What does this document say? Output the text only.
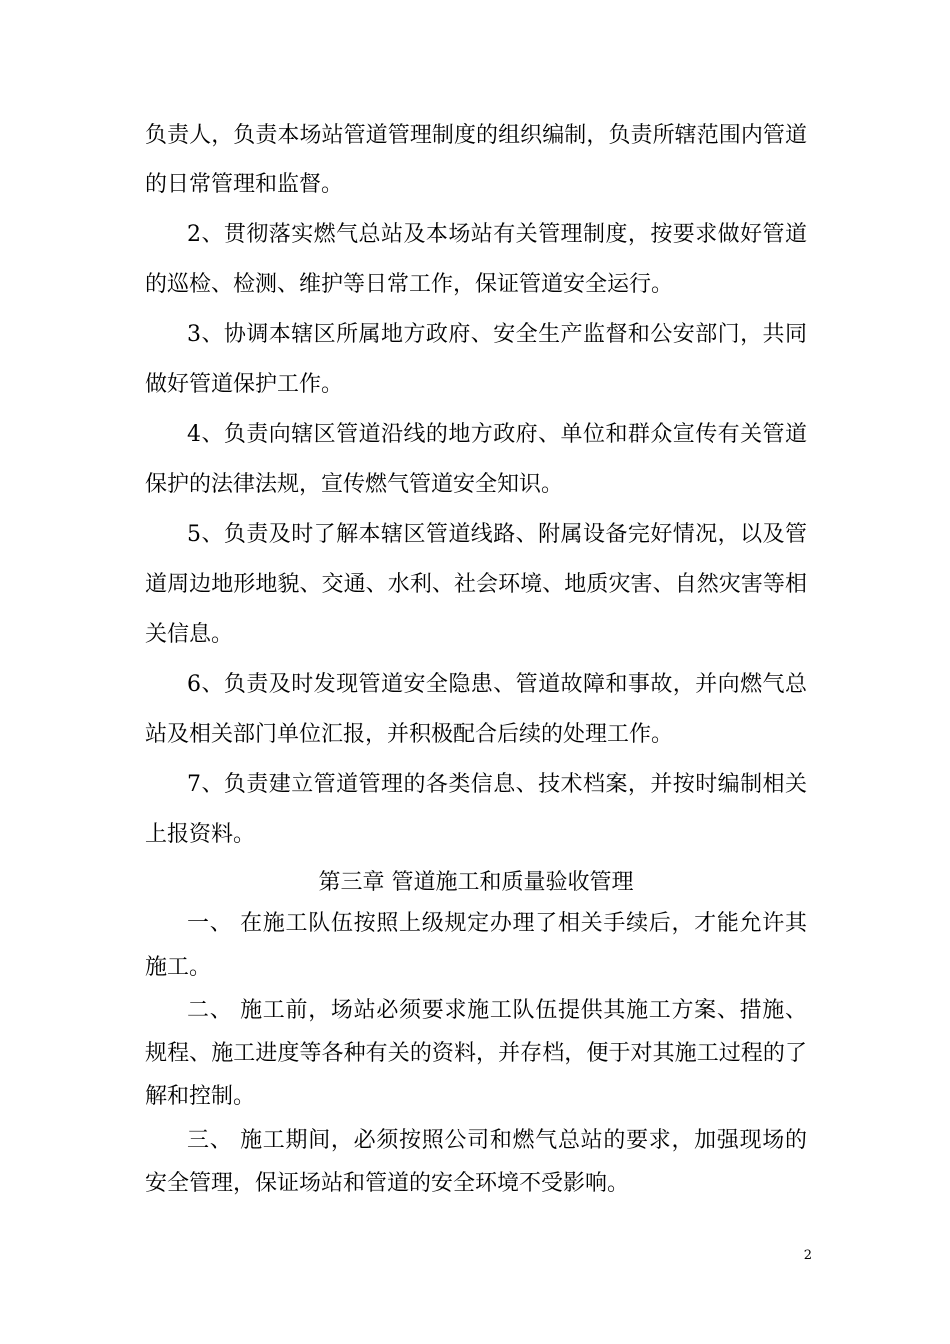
负责人，负责本场站管道管理制度的组织编制，负责所辖范围内管道
的日常管理和监督。
2、贯彻落实燃气总站及本场站有关管理制度，按要求做好管道
的巡检、检测、维护等日常工作，保证管道安全运行。
3、协调本辖区所属地方政府、安全生产监督和公安部门，共同
做好管道保护工作。
4、负责向辖区管道沿线的地方政府、单位和群众宣传有关管道
保护的法律法规，宣传燃气管道安全知识。
5、负责及时了解本辖区管道线路、附属设备完好情况，以及管
道周边地形地貌、交通、水利、社会环境、地质灾害、自然灾害等相
关信息。
6、负责及时发现管道安全隐患、管道故障和事故，并向燃气总
站及相关部门单位汇报，并积极配合后续的处理工作。
7、负责建立管道管理的各类信息、技术档案，并按时编制相关
上报资料。
第三章 管道施工和质量验收管理
一、 在施工队伍按照上级规定办理了相关手续后，才能允许其
施工。
二、 施工前，场站必须要求施工队伍提供其施工方案、措施、
规程、施工进度等各种有关的资料，并存档，便于对其施工过程的了
解和控制。
三、 施工期间，必须按照公司和燃气总站的要求，加强现场的
安全管理，保证场站和管道的安全环境不受影响。
2
